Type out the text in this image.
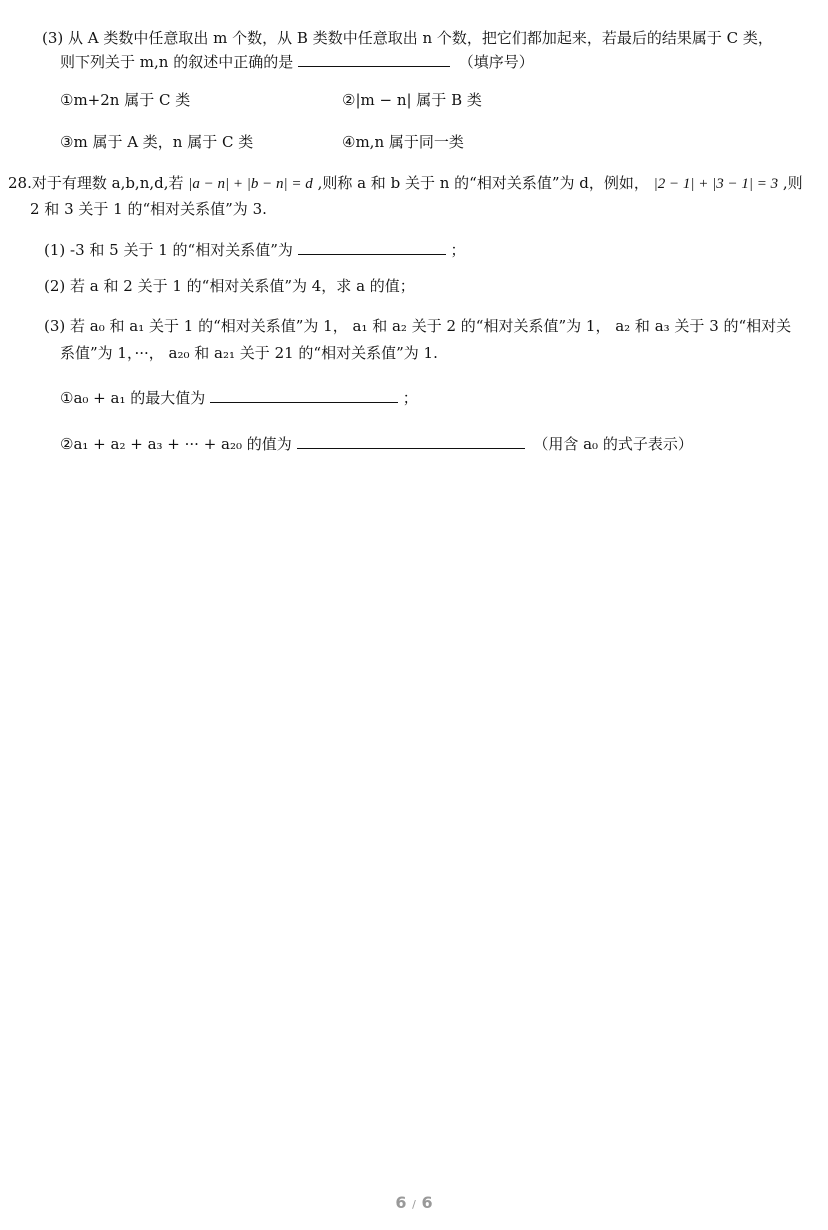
(3) 从 A 类数中任意取出 m 个数，从 B 类数中任意取出 n 个数，把它们都加起来，若最后的结果属于 C 类，
则下列关于 m,n 的叙述中正确的是	（填序号）
①m+2n 属于 C 类	②|m − n| 属于 B 类
③m 属于 A 类，n 属于 C 类	④m,n 属于同一类
28.对于有理数 a,b,n,d,若 |a − n| + |b − n| = d ,则称 a 和 b 关于 n 的“相对关系值”为 d，例如， |2 − 1| + |3 − 1| = 3 ,则
2 和 3 关于 1 的“相对关系值”为 3.
(1) -3 和 5 关于 1 的“相对关系值”为	；
(2) 若 a 和 2 关于 1 的“相对关系值”为 4，求 a 的值；
(3) 若 a₀ 和 a₁ 关于 1 的“相对关系值”为 1， a₁ 和 a₂ 关于 2 的“相对关系值”为 1， a₂ 和 a₃ 关于 3 的“相对关
系值”为 1，···， a₂₀ 和 a₂₁ 关于 21 的“相对关系值”为 1.
①a₀ + a₁ 的最大值为	；
②a₁ + a₂ + a₃ + ··· + a₂₀ 的值为	（用含 a₀ 的式子表示）
6 / 6
